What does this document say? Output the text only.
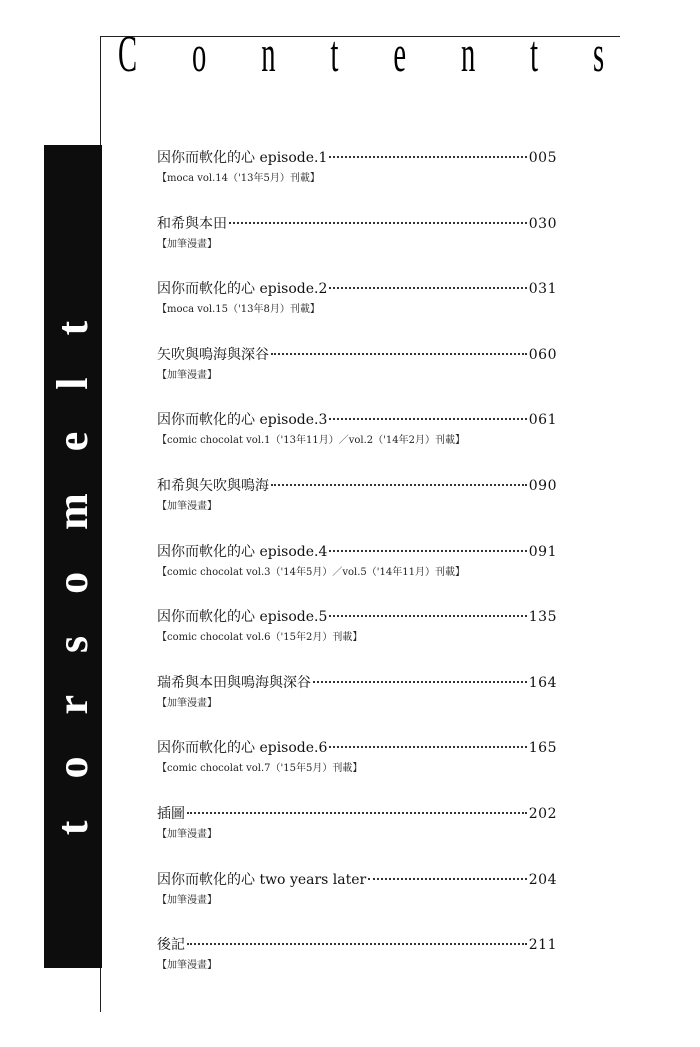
C o n t e n t s
torsomelt
因你而軟化的心 episode.1	005
【moca vol.14（'13年5月）刊載】
和希與本田	030
【加筆漫畫】
因你而軟化的心 episode.2	031
【moca vol.15（'13年8月）刊載】
矢吹與鳴海與深谷	060
【加筆漫畫】
因你而軟化的心 episode.3	061
【comic chocolat vol.1（'13年11月）／vol.2（'14年2月）刊載】
和希與矢吹與鳴海	090
【加筆漫畫】
因你而軟化的心 episode.4	091
【comic chocolat vol.3（'14年5月）／vol.5（'14年11月）刊載】
因你而軟化的心 episode.5	135
【comic chocolat vol.6（'15年2月）刊載】
瑞希與本田與鳴海與深谷	164
【加筆漫畫】
因你而軟化的心 episode.6	165
【comic chocolat vol.7（'15年5月）刊載】
插圖	202
【加筆漫畫】
因你而軟化的心 two years later	204
【加筆漫畫】
後記	211
【加筆漫畫】
